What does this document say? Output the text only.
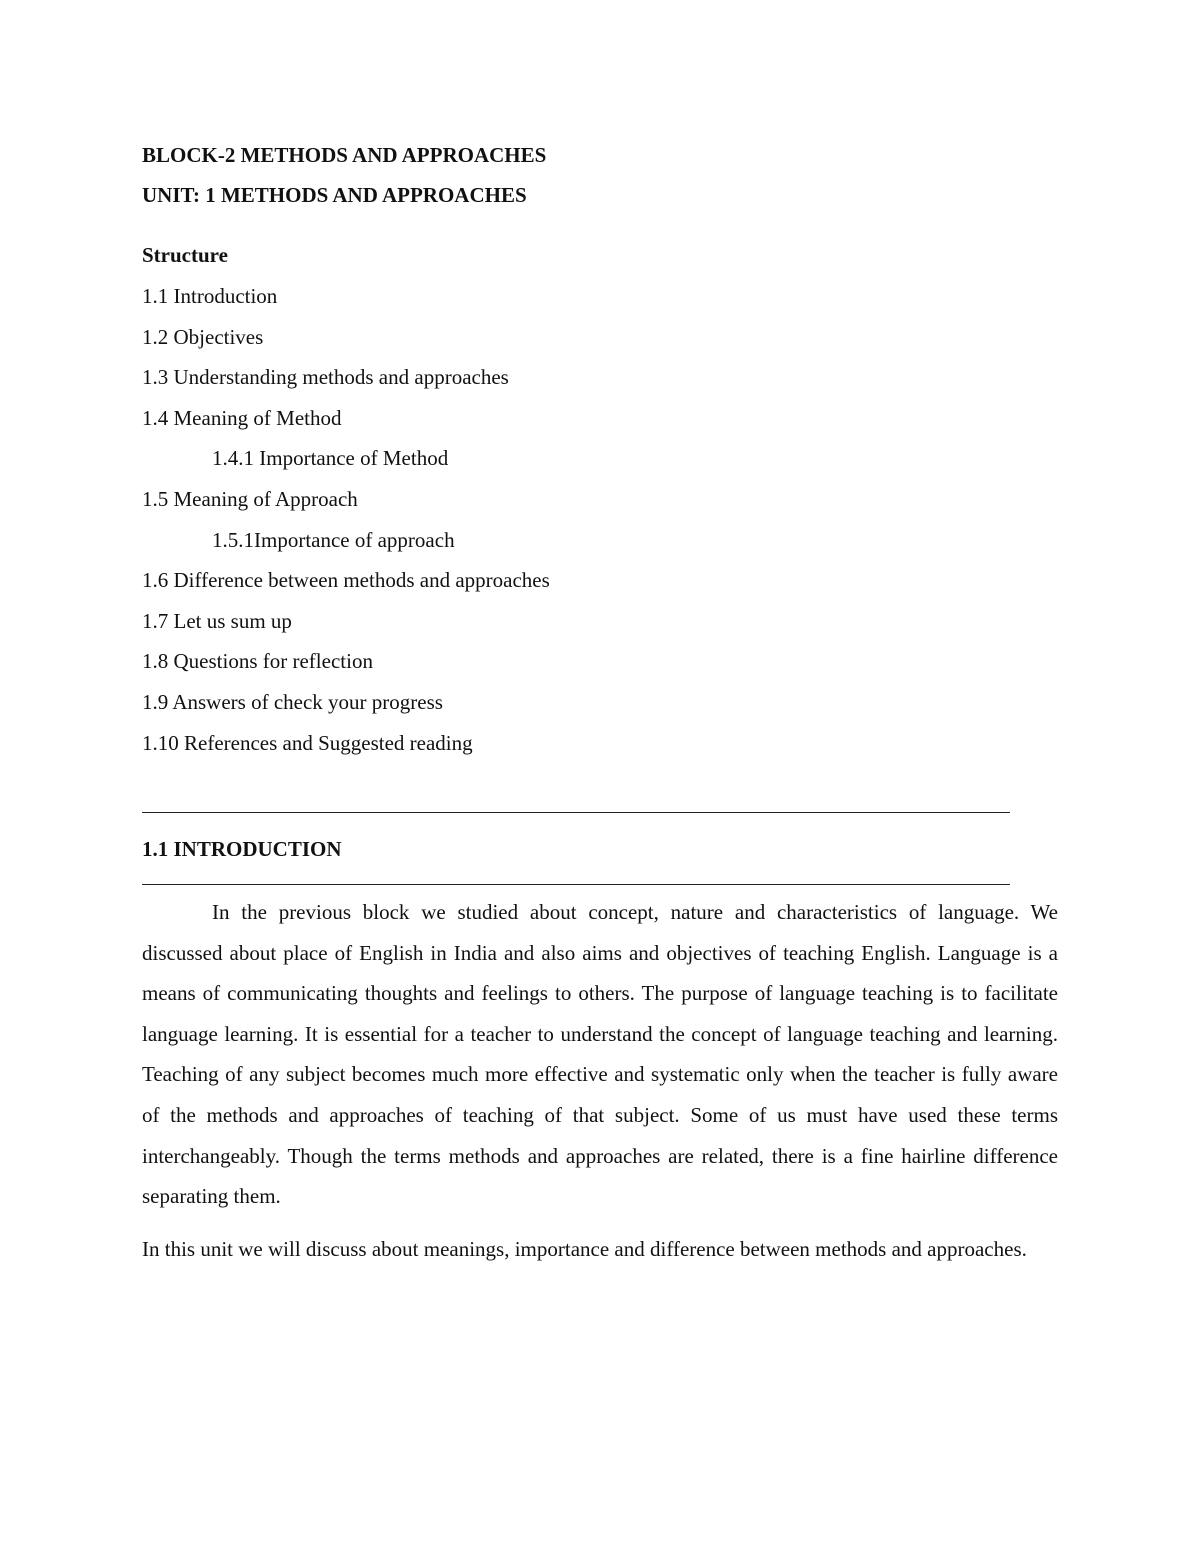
BLOCK-2 METHODS AND APPROACHES
UNIT: 1 METHODS AND APPROACHES
Structure
1.1 Introduction
1.2 Objectives
1.3 Understanding methods and approaches
1.4 Meaning of Method
1.4.1 Importance of Method
1.5 Meaning of Approach
1.5.1Importance of approach
1.6 Difference between methods and approaches
1.7 Let us sum up
1.8 Questions for reflection
1.9 Answers of check your progress
1.10 References and Suggested reading
1.1 INTRODUCTION

In the previous block we studied about concept, nature and characteristics of language. We discussed about place of English in India and also aims and objectives of teaching English. Language is a means of communicating thoughts and feelings to others. The purpose of language teaching is to facilitate language learning. It is essential for a teacher to understand the concept of language teaching and learning. Teaching of any subject becomes much more effective and systematic only when the teacher is fully aware of the methods and approaches of teaching of that subject. Some of us must have used these terms interchangeably. Though the terms methods and approaches are related, there is a fine hairline difference separating them.

In this unit we will discuss about meanings, importance and difference between methods and approaches.
